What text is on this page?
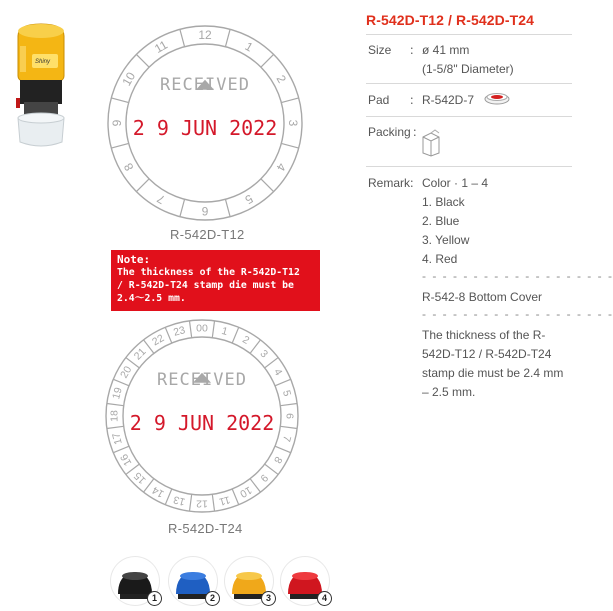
Shiny
12
1
2
3
4
5
6
7
8
9
10
11
RECEIVED
2 9 JUN 2022
R-542D-T12
Note:
The thickness of the R-542D-T12
/ R-542D-T24 stamp die must be
2.4～2.5 mm.
00 1
2
3
4
5
6
7
8
9
10
11
12
13
14
15
16
17
18
19
20
21
22
23
RECEIVED
2 9 JUN 2022
R-542D-T24
1	2	3	4
R-542D-T12 / R-542D-T24
Size ： ø 41 mm
(1-5/8" Diameter)
Pad ： R-542D-7
Packing ：
Remark
： Color · 1 – 4
1. Black
2. Blue
3. Yellow
4. Red
- - - - - - - - - - - - - - - - - - -
R-542-8 Bottom Cover
- - - - - - - - - - - - - - - - - - -
The thickness of the R-
542D-T12 / R-542D-T24
stamp die must be 2.4 mm
– 2.5 mm.
